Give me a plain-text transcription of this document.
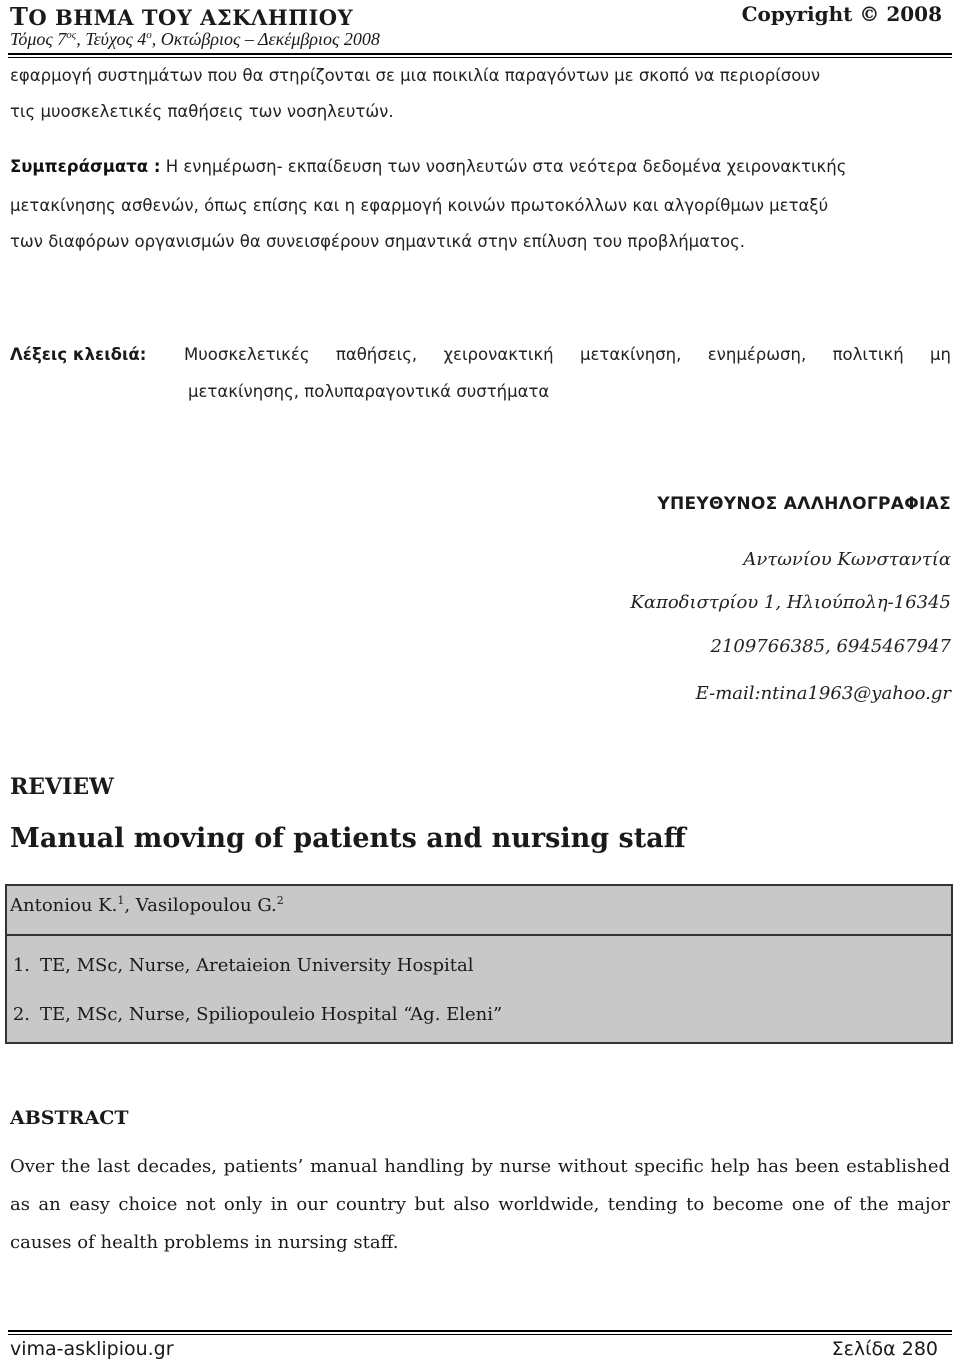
ΤΟ ΒΗΜΑ ΤΟΥ ΑΣΚΛΗΠΙΟΥ	Copyright © 2008
Τόμος $7^{o\varsigma}$, Τεύχος $4^o$, Οκτώβριος – Δεκέμβριος 2008
εφαρμογή συστημάτων που θα στηρίζονται σε μια ποικιλία παραγόντων με σκοπό να περιορίσουν
τις μυοσκελετικές παθήσεις των νοσηλευτών.
Συμπεράσματα : Η ενημέρωση- εκπαίδευση των νοσηλευτών στα νεότερα δεδομένα χειρονακτικής
μετακίνησης ασθενών, όπως επίσης και η εφαρμογή κοινών πρωτοκόλλων και αλγορίθμων μεταξύ
των διαφόρων οργανισμών θα συνεισφέρουν σημαντικά στην επίλυση του προβλήματος.
Λέξεις κλειδιά: Μυοσκελετικές παθήσεις, χειρονακτική μετακίνηση, ενημέρωση, πολιτική μη
μετακίνησης, πολυπαραγοντικά συστήματα
ΥΠΕΥΘΥΝΟΣ ΑΛΛΗΛΟΓΡΑΦΙΑΣ
Αντωνίου Κωνσταντία
Καποδιστρίου 1, Ηλιούπολη-16345
2109766385, 6945467947
E-mail:ntina1963@yahoo.gr
REVIEW
Manual moving of patients and nursing staff
Antoniou K.$^1$, Vasilopoulou G.$^2$
1. TE, MSc, Nurse, Aretaieion University Hospital
2. TE, MSc, Nurse, Spiliopouleio Hospital “Ag. Eleni”
ABSTRACT
Over the last decades, patients’ manual handling by nurse without specific help has been established
as an easy choice not only in our country but also worldwide, tending to become one of the major
causes of health problems in nursing staff.
vima-asklipiou.gr	Σελίδα 280
